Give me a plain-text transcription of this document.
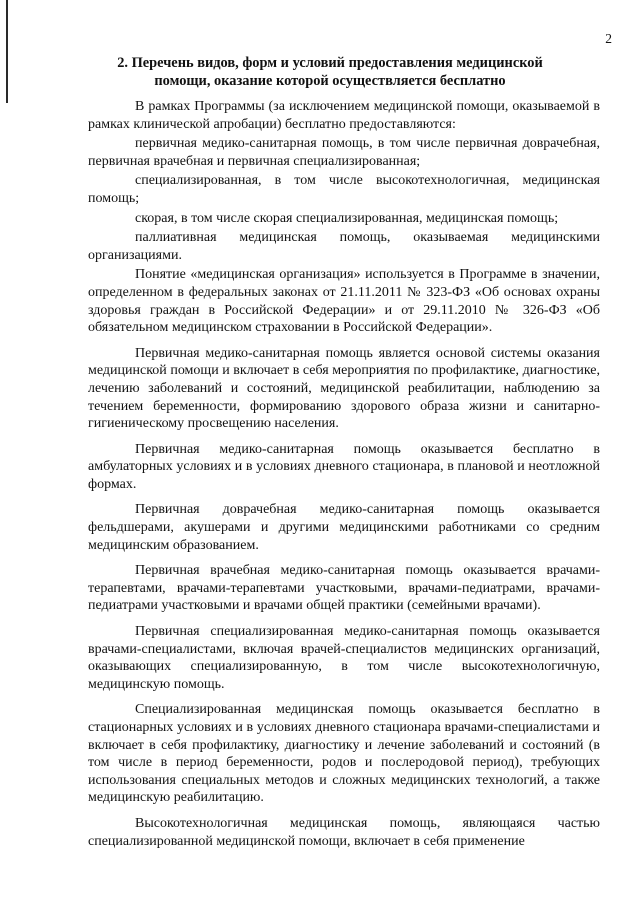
2
2. Перечень видов, форм и условий предоставления медицинской
помощи, оказание которой осуществляется бесплатно

В рамках Программы (за исключением медицинской помощи, оказываемой в рамках клинической апробации) бесплатно предоставляются:

первичная медико-санитарная помощь, в том числе первичная доврачебная, первичная врачебная и первичная специализированная;

специализированная, в том числе высокотехнологичная, медицинская помощь;

скорая, в том числе скорая специализированная, медицинская помощь;

паллиативная медицинская помощь, оказываемая медицинскими организациями.

Понятие «медицинская организация» используется в Программе в значении, определенном в федеральных законах от 21.11.2011 № 323-ФЗ «Об основах охраны здоровья граждан в Российской Федерации» и от 29.11.2010 № 326-ФЗ «Об обязательном медицинском страховании в Российской Федерации».

Первичная медико-санитарная помощь является основой системы оказания медицинской помощи и включает в себя мероприятия по профилактике, диагностике, лечению заболеваний и состояний, медицинской реабилитации, наблюдению за течением беременности, формированию здорового образа жизни и санитарно-гигиеническому просвещению населения.

Первичная медико-санитарная помощь оказывается бесплатно в амбулаторных условиях и в условиях дневного стационара, в плановой и неотложной формах.

Первичная доврачебная медико-санитарная помощь оказывается фельдшерами, акушерами и другими медицинскими работниками со средним медицинским образованием.

Первичная врачебная медико-санитарная помощь оказывается врачами-терапевтами, врачами-терапевтами участковыми, врачами-педиатрами, врачами-педиатрами участковыми и врачами общей практики (семейными врачами).

Первичная специализированная медико-санитарная помощь оказывается врачами-специалистами, включая врачей-специалистов медицинских организаций, оказывающих специализированную, в том числе высокотехнологичную, медицинскую помощь.

Специализированная медицинская помощь оказывается бесплатно в стационарных условиях и в условиях дневного стационара врачами-специалистами и включает в себя профилактику, диагностику и лечение заболеваний и состояний (в том числе в период беременности, родов и послеродовой период), требующих использования специальных методов и сложных медицинских технологий, а также медицинскую реабилитацию.

Высокотехнологичная медицинская помощь, являющаяся частью специализированной медицинской помощи, включает в себя применение
